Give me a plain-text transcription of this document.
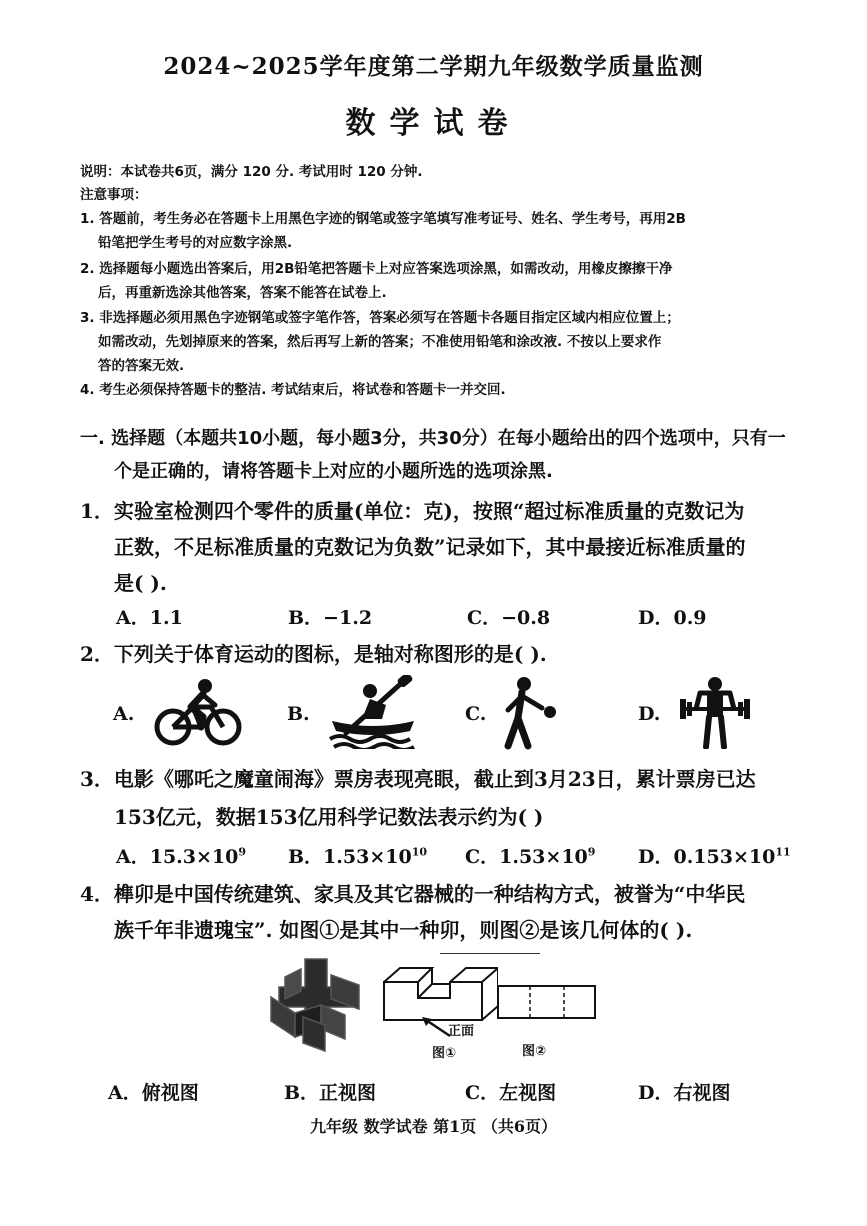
2024~2025学年度第二学期九年级数学质量监测
数学试卷
说明：本试卷共6页，满分 120 分. 考试用时 120 分钟.
注意事项：
1. 答题前，考生务必在答题卡上用黑色字迹的钢笔或签字笔填写准考证号、姓名、学生考号，再用2B
铅笔把学生考号的对应数字涂黑.
2. 选择题每小题选出答案后，用2B铅笔把答题卡上对应答案选项涂黑，如需改动，用橡皮擦擦干净
后，再重新选涂其他答案，答案不能答在试卷上.
3. 非选择题必须用黑色字迹钢笔或签字笔作答，答案必须写在答题卡各题目指定区域内相应位置上；
如需改动，先划掉原来的答案，然后再写上新的答案；不准使用铅笔和涂改液. 不按以上要求作
答的答案无效.
4. 考生必须保持答题卡的整洁. 考试结束后，将试卷和答题卡一并交回.
一. 选择题（本题共10小题，每小题3分，共30分）在每小题给出的四个选项中，只有一
个是正确的，请将答题卡上对应的小题所选的选项涂黑.
1．实验室检测四个零件的质量(单位：克)，按照“超过标准质量的克数记为
正数，不足标准质量的克数记为负数”记录如下，其中最接近标准质量的
是( ).
A．1.1	B．−1.2	C．−0.8	D．0.9
2．下列关于体育运动的图标，是轴对称图形的是( ).
A.	B.	C.	D.
3．电影《哪吒之魔童闹海》票房表现亮眼，截止到3月23日，累计票房已达
153亿元，数据153亿用科学记数法表示约为( )
A．$15.3\times 10^9$ B．$1.53\times 10^{10}$ C．$1.53\times 10^9$ D．$0.153\times 10^{11}$
4．榫卯是中国传统建筑、家具及其它器械的一种结构方式，被誉为“中华民
族千年非遗瑰宝”. 如图①是其中一种卯，则图②是该几何体的( ).
正面
图①	图②
A．俯视图	B．正视图	C．左视图	D．右视图
九年级 数学试卷 第1页 （共6页）
